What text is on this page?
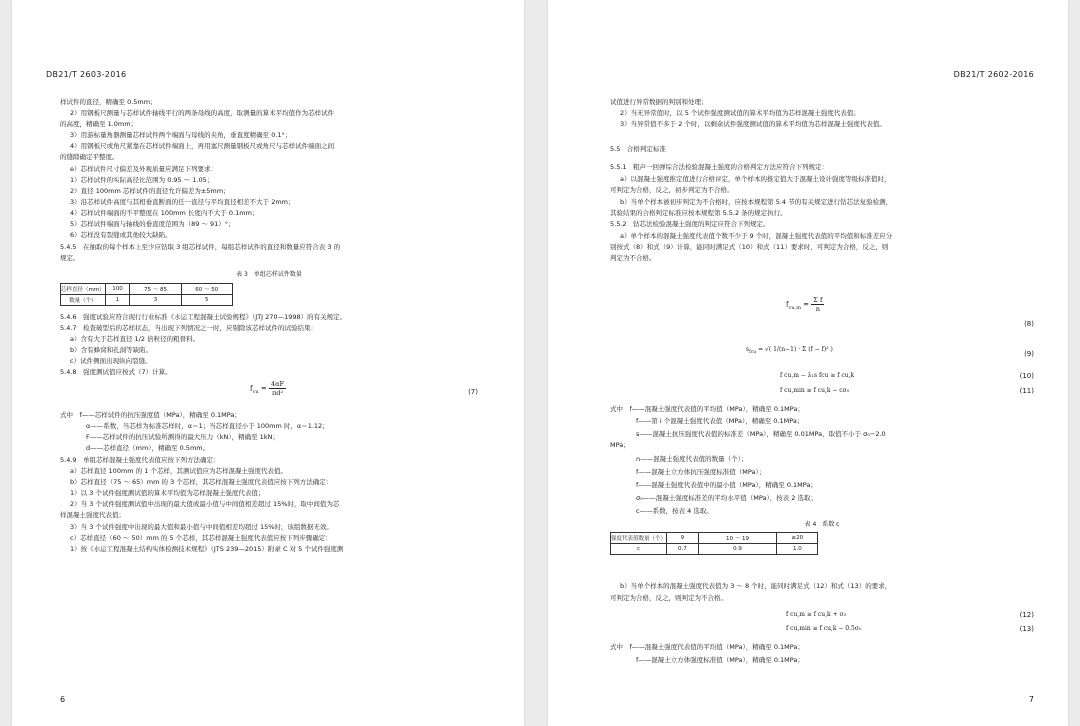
DB21/T 2603-2016
样试件的直径，精确至 0.5mm；
2）用钢板尺测量与芯样试件轴线平行的两条母线的高度，取测量的算术平均值作为芯样试件
的高度，精确至 1.0mm；
3）用游标量角器测量芯样试件两个端面与母线的夹角，垂直度精确至 0.1°；
4）用钢板尺或角尺紧靠在芯样试件端面上，再用塞尺测量钢板尺或角尺与芯样试件端面之间
的缝隙确定平整度。
e）芯样试件尺寸偏差及外观质量应满足下列要求：
1）芯样试件的实际高径比范围为 0.95 ～ 1.05；
2）直径 100mm 芯样试件的直径允许偏差为±5mm；
3）沿芯样试件高度与其相垂直断面的任一直径与平均直径相差不大于 2mm；
4）芯样试件端面的不平整度在 100mm 长度内不大于 0.1mm；
5）芯样试件端面与轴线的垂直度范围为（89 ～ 91）°；
6）芯样没有裂缝或其他较大缺陷。
5.4.5　在抽取的每个样本上至少应钻取 3 组芯样试件，每组芯样试件的直径和数量应符合表 3 的
规定。
表 3　单组芯样试件数量
芯样直径（mm）	100	75 ～ 85	60 ～ 50
数量（个）	1	3	5
5.4.6　强度试验应符合现行行业标准《水运工程混凝土试验规程》（JTJ 270—1998）的有关规定。
5.4.7　检查破型后的芯样状态，当出现下列情况之一时，应剔除该芯样试件的试验结果：
a）含有大于芯样直径 1/2 倍粒径的粗骨料。
b）含有蜂窝和孔洞等缺陷。
c）试件侧面出现纵向裂缝。
5.4.8　强度测试值应按式（7）计算。
$f_{cu} = \frac{4\alpha F}{\text{πd²}}$	(7)
式中　f——芯样试件的抗压强度值（MPa），精确至 0.1MPa；
α——系数，当芯样为标准芯样时，α＝1；当芯样直径小于 100mm 时，α＝1.12；
F——芯样试件的抗压试验所测得的最大压力（kN），精确至 1kN；
d——芯样直径（mm），精确至 0.5mm。
5.4.9　单组芯样混凝土强度代表值应按下列方法确定：
a）芯样直径 100mm 的 1 个芯样，其测试值应为芯样混凝土强度代表值。
b）芯样直径（75 ～ 65）mm 的 3 个芯样，其芯样混凝土强度代表值应按下列方法确定：
1）以 3 个试件强度测试值的算术平均值为芯样混凝土强度代表值；
2）当 3 个试件强度测试值中出现的最大值或最小值与中间值相差超过 15%时，取中间值为芯
样混凝土强度代表值；
3）当 3 个试件强度中出现的最大值和最小值与中间值相差均超过 15%时，该组数据无效。
c）芯样直径（60 ～ 50）mm 的 5 个芯样，其芯样混凝土强度代表值应按下列步骤确定：
1）按《水运工程混凝土结构实体检测技术规程》（JTS 239—2015）附录 C 对 5 个试件强度测
6
DB21/T 2602-2016
试值进行异常数据的判别和处理；
2）当无异常值时，以 5 个试件强度测试值的算术平均值为芯样混凝土强度代表值；
3）当异常值不多于 2 个时，以剩余试件强度测试值的算术平均值为芯样混凝土强度代表值。
5.5　合格判定标准
5.5.1　粗声一回弹综合法检验混凝土强度的合格判定方法应符合下列规定：
a）以混凝土强度推定值进行合格评定，单个样本的推定值大于混凝土设计强度等级标准值时，
可判定为合格，反之，初步判定为不合格。
b）当单个样本被初步判定为不合格时，应按本规程第 5.4 节的有关规定进行钻芯法复验检测，
其验结果的合格判定标准应按本规程第 5.5.2 条的规定执行。
5.5.2　钻芯法检验混凝土强度的判定应符合下列规定。
a）单个样本的混凝土强度代表值个数不少于 9 个时，混凝土强度代表值的平均值和标准差应分
别按式（8）和式（9）计算，能同时满足式（10）和式（11）要求时，可判定为合格，反之，则
判定为不合格。
$f_{cu,m} = \frac{\text{Σ f}}{n}$
(8)
$s_{fcu}$ = √( 1/(n−1) · Σ (f − f)² )
(9)
f cu,m − λ₁s fcu ≥ f cu,k	(10)
f cu,min ≥ f cu,k − cσ₀	(11)
式中　f——混凝土强度代表值的平均值（MPa），精确至 0.1MPa；
f——第 i 个混凝土强度代表值（MPa），精确至 0.1MPa；
s——混凝土抗压强度代表值的标准差（MPa），精确至 0.01MPa，取值不小于 σ₀−2.0
MPa；
n——混凝土强度代表值的数量（个）；
f——混凝土立方体抗压强度标准值（MPa）；
f——混凝土强度代表值中的最小值（MPa），精确至 0.1MPa；
σ₀——混凝土强度标准差的平均水平值（MPa），按表 2 选取；
c——系数，按表 4 选取。
表 4　系数 c
强度代表值数量（个）	9	10 ～ 19	≥20
c	0.7	0.9	1.0
b）当单个样本的混凝土强度代表值为 3 ～ 8 个时，能同时满足式（12）和式（13）的要求，
可判定为合格，反之，则判定为不合格。
f cu,m ≥ f cu,k + σ₀	(12)
f cu,min ≥ f cu,k − 0.5σ₀	(13)
式中　f——混凝土强度代表值的平均值（MPa），精确至 0.1MPa；
f——混凝土立方体强度标准值（MPa），精确至 0.1MPa；
7
